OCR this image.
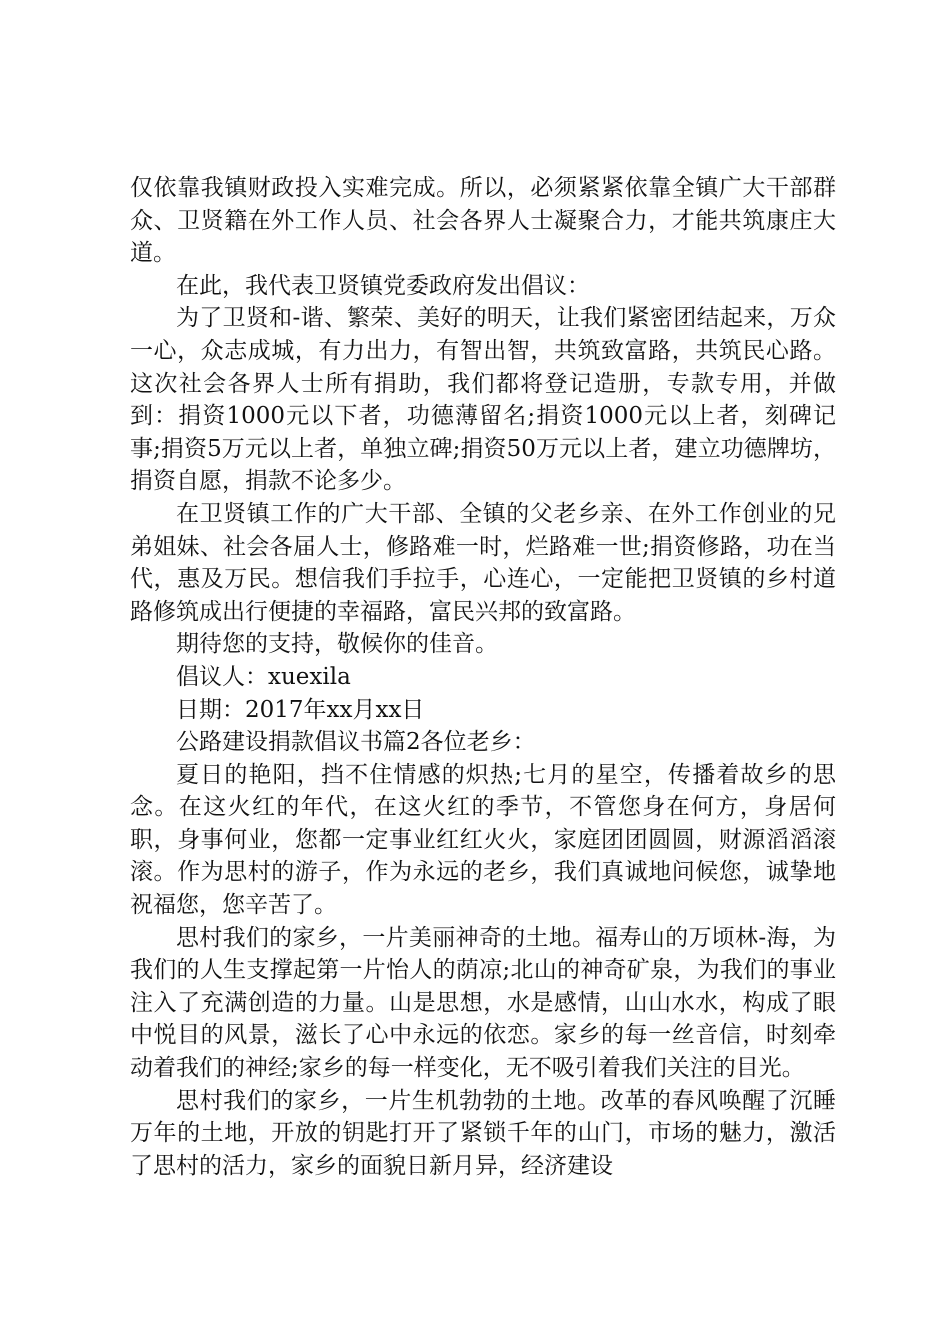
仅依靠我镇财政投入实难完成。所以，必须紧紧依靠全镇广大干部群众、卫贤籍在外工作人员、社会各界人士凝聚合力，才能共筑康庄大道。

在此，我代表卫贤镇党委政府发出倡议：

为了卫贤和-谐、繁荣、美好的明天，让我们紧密团结起来，万众一心，众志成城，有力出力，有智出智，共筑致富路，共筑民心路。这次社会各界人士所有捐助，我们都将登记造册，专款专用，并做到：捐资1000元以下者，功德薄留名;捐资1000元以上者，刻碑记事;捐资5万元以上者，单独立碑;捐资50万元以上者，建立功德牌坊，捐资自愿，捐款不论多少。

在卫贤镇工作的广大干部、全镇的父老乡亲、在外工作创业的兄弟姐妹、社会各届人士，修路难一时，烂路难一世;捐资修路，功在当代，惠及万民。想信我们手拉手，心连心，一定能把卫贤镇的乡村道路修筑成出行便捷的幸福路，富民兴邦的致富路。

期待您的支持，敬候你的佳音。

倡议人：xuexila

日期：2017年xx月xx日

公路建设捐款倡议书篇2各位老乡：

夏日的艳阳，挡不住情感的炽热;七月的星空，传播着故乡的思念。在这火红的年代，在这火红的季节，不管您身在何方，身居何职，身事何业，您都一定事业红红火火，家庭团团圆圆，财源滔滔滚滚。作为思村的游子，作为永远的老乡，我们真诚地问候您，诚挚地祝福您，您辛苦了。

思村我们的家乡，一片美丽神奇的土地。福寿山的万顷林-海，为我们的人生支撑起第一片怡人的荫凉;北山的神奇矿泉，为我们的事业注入了充满创造的力量。山是思想，水是感情，山山水水，构成了眼中悦目的风景，滋长了心中永远的依恋。家乡的每一丝音信，时刻牵动着我们的神经;家乡的每一样变化，无不吸引着我们关注的目光。

思村我们的家乡，一片生机勃勃的土地。改革的春风唤醒了沉睡万年的土地，开放的钥匙打开了紧锁千年的山门，市场的魅力，激活了思村的活力，家乡的面貌日新月异，经济建设
